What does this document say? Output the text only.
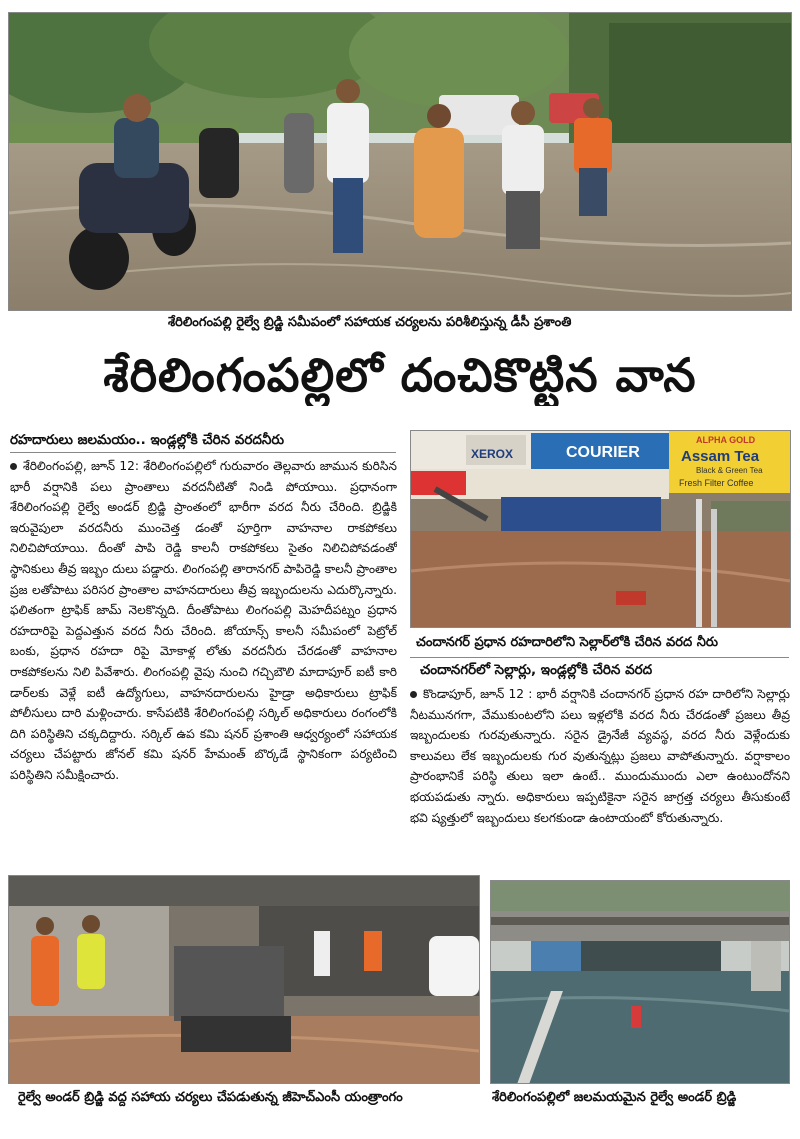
శేరిలింగంపల్లి రైల్వే బ్రిడ్జి సమీపంలో సహాయక చర్యలను పరిశీలిస్తున్న డీసీ ప్రశాంతి
శేరిలింగంపల్లిలో దంచికొట్టిన వాన
రహదారులు జలమయం.. ఇండ్లల్లోకి చేరిన వరదనీరు
శేరిలింగంపల్లి, జూన్ 12: శేరిలింగంపల్లిలో గురువారం తెల్లవారు జామున కురిసిన భారీ వర్షానికి పలు ప్రాంతాలు వరదనీటితో నిండి పోయాయి. ప్రధానంగా శేరిలింగంపల్లి రైల్వే అండర్ బ్రిడ్జి ప్రాంతంలో భారీగా వరద నీరు చేరింది. బ్రిడ్జికి ఇరువైపులా వరదనీరు ముంచెత్త డంతో పూర్తిగా వాహనాల రాకపోకలు నిలిచిపోయాయి. దీంతో పాపి రెడ్డి కాలనీ రాకపోకలు సైతం నిలిచిపోవడంతో స్థానికులు తీవ్ర ఇబ్బం దులు పడ్డారు. లింగంపల్లి తారానగర్ పాపిరెడ్డి కాలనీ ప్రాంతాల ప్రజ లతోపాటు పరిసర ప్రాంతాల వాహనదారులు తీవ్ర ఇబ్బందులను ఎదుర్కొన్నారు. ఫలితంగా ట్రాఫిక్ జామ్ నెలకొన్నది. దీంతోపాటు లింగంపల్లి మెహదీపట్నం ప్రధాన రహదారిపై పెద్దఎత్తున వరద నీరు చేరింది. జోయాన్స్ కాలనీ సమీపంలో పెట్రోల్ బంకు, ప్రధాన రహదా రిపై మోకాళ్ల లోతు వరదనీరు చేరడంతో వాహనాల రాకపోకలను నిలి పివేశారు. లింగంపల్లి వైపు నుంచి గచ్చిబౌలి మాదాపూర్ ఐటీ కారి డార్‌లకు వెళ్లే ఐటీ ఉద్యోగులు, వాహనదారులను హైడ్రా అధికారులు ట్రాఫిక్ పోలీసులు దారి మళ్లించారు. కాసేపటికి శేరిలింగంపల్లి సర్కిల్ అధికారులు రంగంలోకి దిగి పరిస్థితిని చక్కదిద్దారు. సర్కిల్ ఉప కమి షనర్ ప్రశాంతి ఆధ్వర్యంలో సహాయక చర్యలు చేపట్టారు జోనల్ కమి షనర్ హేమంత్ బొర్కడే స్థానికంగా పర్యటించి పరిస్థితిని సమీక్షించారు.
XEROX	COURIER
ALPHA GOLD
Assam Tea
Black & Green Tea
Fresh Filter Coffee
చందానగర్ ప్రధాన రహదారిలోని సెల్లార్‌లోకి చేరిన వరద నీరు
చందానగర్‌లో సెల్లార్లు, ఇండ్లల్లోకి చేరిన వరద
కొండాపూర్, జూన్ 12 : భారీ వర్షానికి చందానగర్ ప్రధాన రహ దారిలోని సెల్లార్లు నీటమునగగా, వేముకుంటలోని పలు ఇళ్లలోకి వరద నీరు చేరడంతో ప్రజలు తీవ్ర ఇబ్బందులకు గురవుతున్నారు. సరైన డ్రైనేజీ వ్యవస్థ, వరద నీరు వెళ్లేందుకు కాలువలు లేక ఇబ్బందులకు గుర వుతున్నట్లు ప్రజలు వాపోతున్నారు. వర్షాకాలం ప్రారంభానికే పరిస్థి తులు ఇలా ఉంటే.. ముందుముందు ఎలా ఉంటుందోనని భయపడుతు న్నారు. అధికారులు ఇప్పటికైనా సరైన జాగ్రత్త చర్యలు తీసుకుంటే భవి ష్యత్తులో ఇబ్బందులు కలగకుండా ఉంటాయంటో కోరుతున్నారు.
రైల్వే అండర్ బ్రిడ్జి వద్ద సహాయ చర్యలు చేపడుతున్న జీహెచ్ఎంసీ యంత్రాంగం	శేరిలింగంపల్లిలో జలమయమైన రైల్వే అండర్ బ్రిడ్జి
